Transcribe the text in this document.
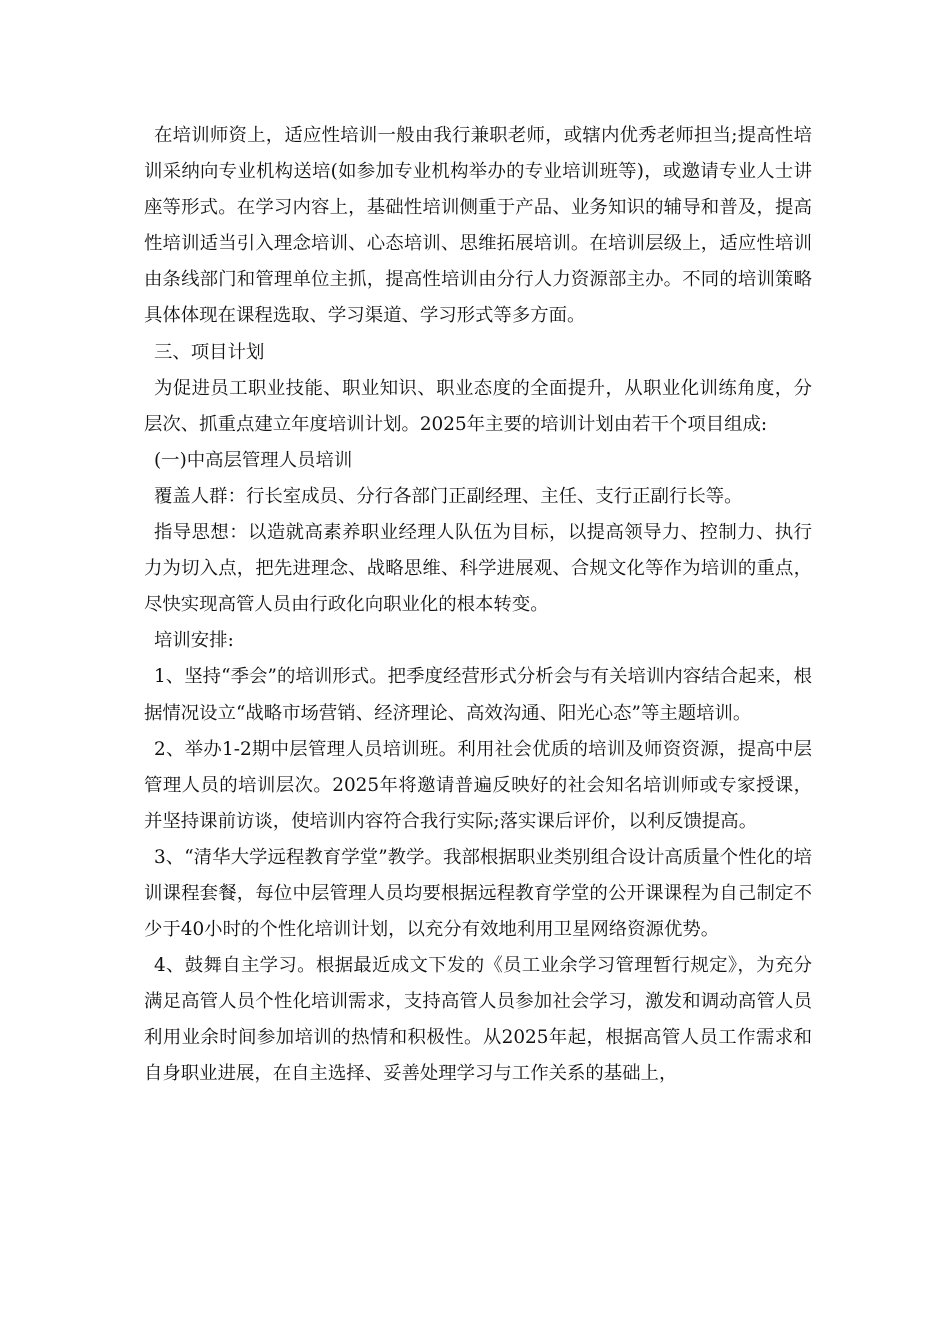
在培训师资上，适应性培训一般由我行兼职老师，或辖内优秀老师担当;提高性培训采纳向专业机构送培(如参加专业机构举办的专业培训班等)，或邀请专业人士讲座等形式。在学习内容上，基础性培训侧重于产品、业务知识的辅导和普及，提高性培训适当引入理念培训、心态培训、思维拓展培训。在培训层级上，适应性培训由条线部门和管理单位主抓，提高性培训由分行人力资源部主办。不同的培训策略具体体现在课程选取、学习渠道、学习形式等多方面。

三、项目计划

为促进员工职业技能、职业知识、职业态度的全面提升，从职业化训练角度，分层次、抓重点建立年度培训计划。2025年主要的培训计划由若干个项目组成:

(一)中高层管理人员培训

覆盖人群：行长室成员、分行各部门正副经理、主任、支行正副行长等。

指导思想：以造就高素养职业经理人队伍为目标，以提高领导力、控制力、执行力为切入点，把先进理念、战略思维、科学进展观、合规文化等作为培训的重点，尽快实现高管人员由行政化向职业化的根本转变。

培训安排:

1、坚持“季会”的培训形式。把季度经营形式分析会与有关培训内容结合起来，根据情况设立“战略市场营销、经济理论、高效沟通、阳光心态”等主题培训。

2、举办1-2期中层管理人员培训班。利用社会优质的培训及师资资源，提高中层管理人员的培训层次。2025年将邀请普遍反映好的社会知名培训师或专家授课，并坚持课前访谈，使培训内容符合我行实际;落实课后评价，以利反馈提高。

3、“清华大学远程教育学堂”教学。我部根据职业类别组合设计高质量个性化的培训课程套餐，每位中层管理人员均要根据远程教育学堂的公开课课程为自己制定不少于40小时的个性化培训计划，以充分有效地利用卫星网络资源优势。

4、鼓舞自主学习。根据最近成文下发的《员工业余学习管理暂行规定》，为充分满足高管人员个性化培训需求，支持高管人员参加社会学习，激发和调动高管人员利用业余时间参加培训的热情和积极性。从2025年起，根据高管人员工作需求和自身职业进展，在自主选择、妥善处理学习与工作关系的基础上，
